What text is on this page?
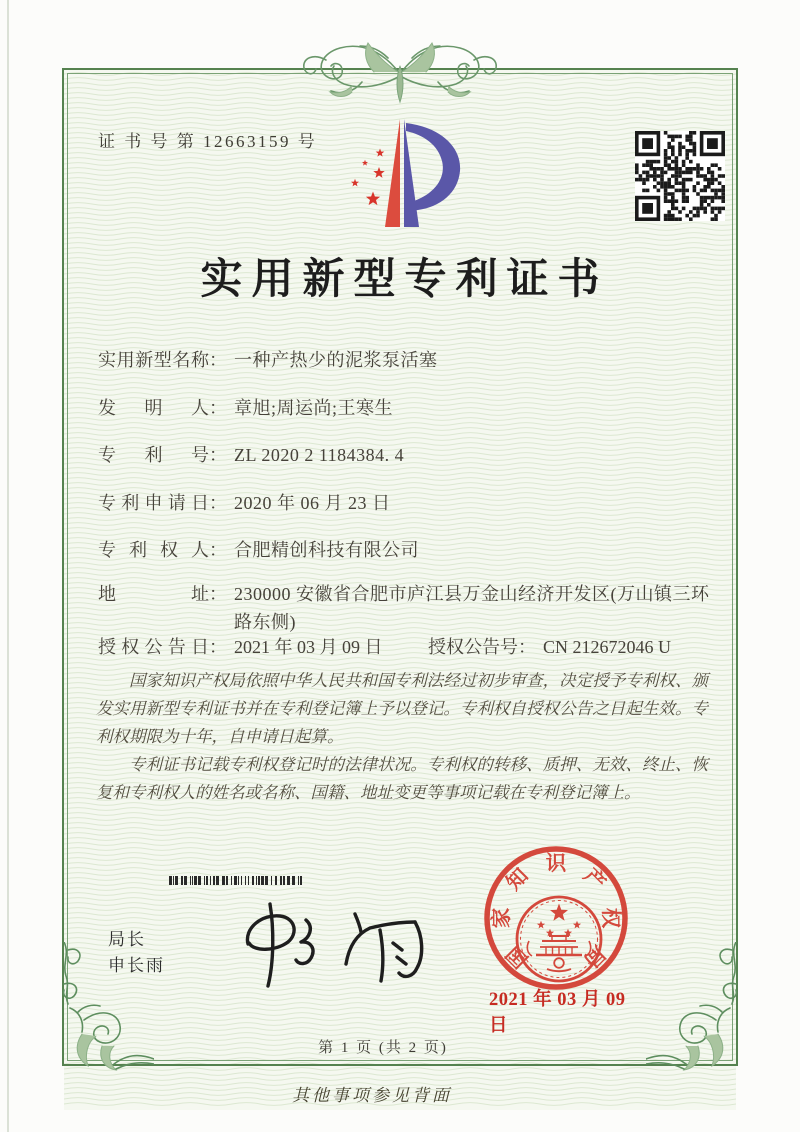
证 书 号 第 12663159 号
实用新型专利证书
实用新型名称 ： 一种产热少的泥浆泵活塞
发明人 ： 章旭;周运尚;王寒生
专利号 ： ZL 2020 2 1184384. 4
专利申请日 ： 2020 年 06 月 23 日
专利权人 ： 合肥精创科技有限公司
地址 ： 230000 安徽省合肥市庐江县万金山经济开发区(万山镇三环路东侧)
授权公告日 ： 2021 年 03 月 09 日	授权公告号 ： CN 212672046 U

国家知识产权局依照中华人民共和国专利法经过初步审查，决定授予专利权、颁发实用新型专利证书并在专利登记簿上予以登记。专利权自授权公告之日起生效。专利权期限为十年，自申请日起算。

专利证书记载专利权登记时的法律状况。专利权的转移、质押、无效、终止、恢复和专利权人的姓名或名称、国籍、地址变更等事项记载在专利登记簿上。

局长
申长雨	国
家
知
识
产
权
局
2021 年 03 月 09 日
第 1 页 (共 2 页)
其他事项参见背面
